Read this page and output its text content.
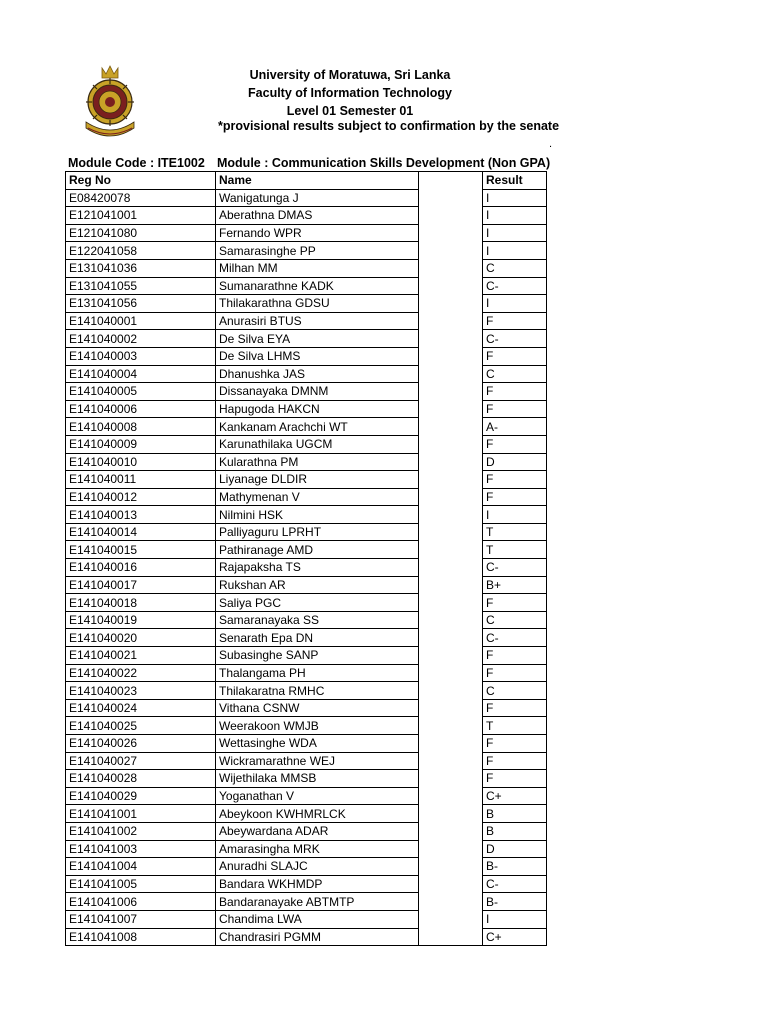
University of Moratuwa, Sri Lanka
Faculty of Information Technology
Level 01 Semester 01
*provisional results subject to confirmation by the senate
.
Module Code : ITE1002 Module : Communication Skills Development (Non GPA)
Reg No	Name		Result
E08420078	Wanigatunga J		I
E121041001	Aberathna DMAS		I
E121041080	Fernando WPR		I
E122041058	Samarasinghe PP		I
E131041036	Milhan MM		C
E131041055	Sumanarathne KADK		C-
E131041056	Thilakarathna GDSU		I
E141040001	Anurasiri BTUS		F
E141040002	De Silva EYA		C-
E141040003	De Silva LHMS		F
E141040004	Dhanushka JAS		C
E141040005	Dissanayaka DMNM		F
E141040006	Hapugoda HAKCN		F
E141040008	Kankanam Arachchi WT		A-
E141040009	Karunathilaka UGCM		F
E141040010	Kularathna PM		D
E141040011	Liyanage DLDIR		F
E141040012	Mathymenan V		F
E141040013	Nilmini HSK		I
E141040014	Palliyaguru LPRHT		T
E141040015	Pathiranage AMD		T
E141040016	Rajapaksha TS		C-
E141040017	Rukshan AR		B+
E141040018	Saliya PGC		F
E141040019	Samaranayaka SS		C
E141040020	Senarath Epa DN		C-
E141040021	Subasinghe SANP		F
E141040022	Thalangama PH		F
E141040023	Thilakaratna RMHC		C
E141040024	Vithana CSNW		F
E141040025	Weerakoon WMJB		T
E141040026	Wettasinghe WDA		F
E141040027	Wickramarathne WEJ		F
E141040028	Wijethilaka MMSB		F
E141040029	Yoganathan V		C+
E141041001	Abeykoon KWHMRLCK		B
E141041002	Abeywardana ADAR		B
E141041003	Amarasingha MRK		D
E141041004	Anuradhi SLAJC		B-
E141041005	Bandara WKHMDP		C-
E141041006	Bandaranayake ABTMTP		B-
E141041007	Chandima LWA		I
E141041008	Chandrasiri PGMM		C+
